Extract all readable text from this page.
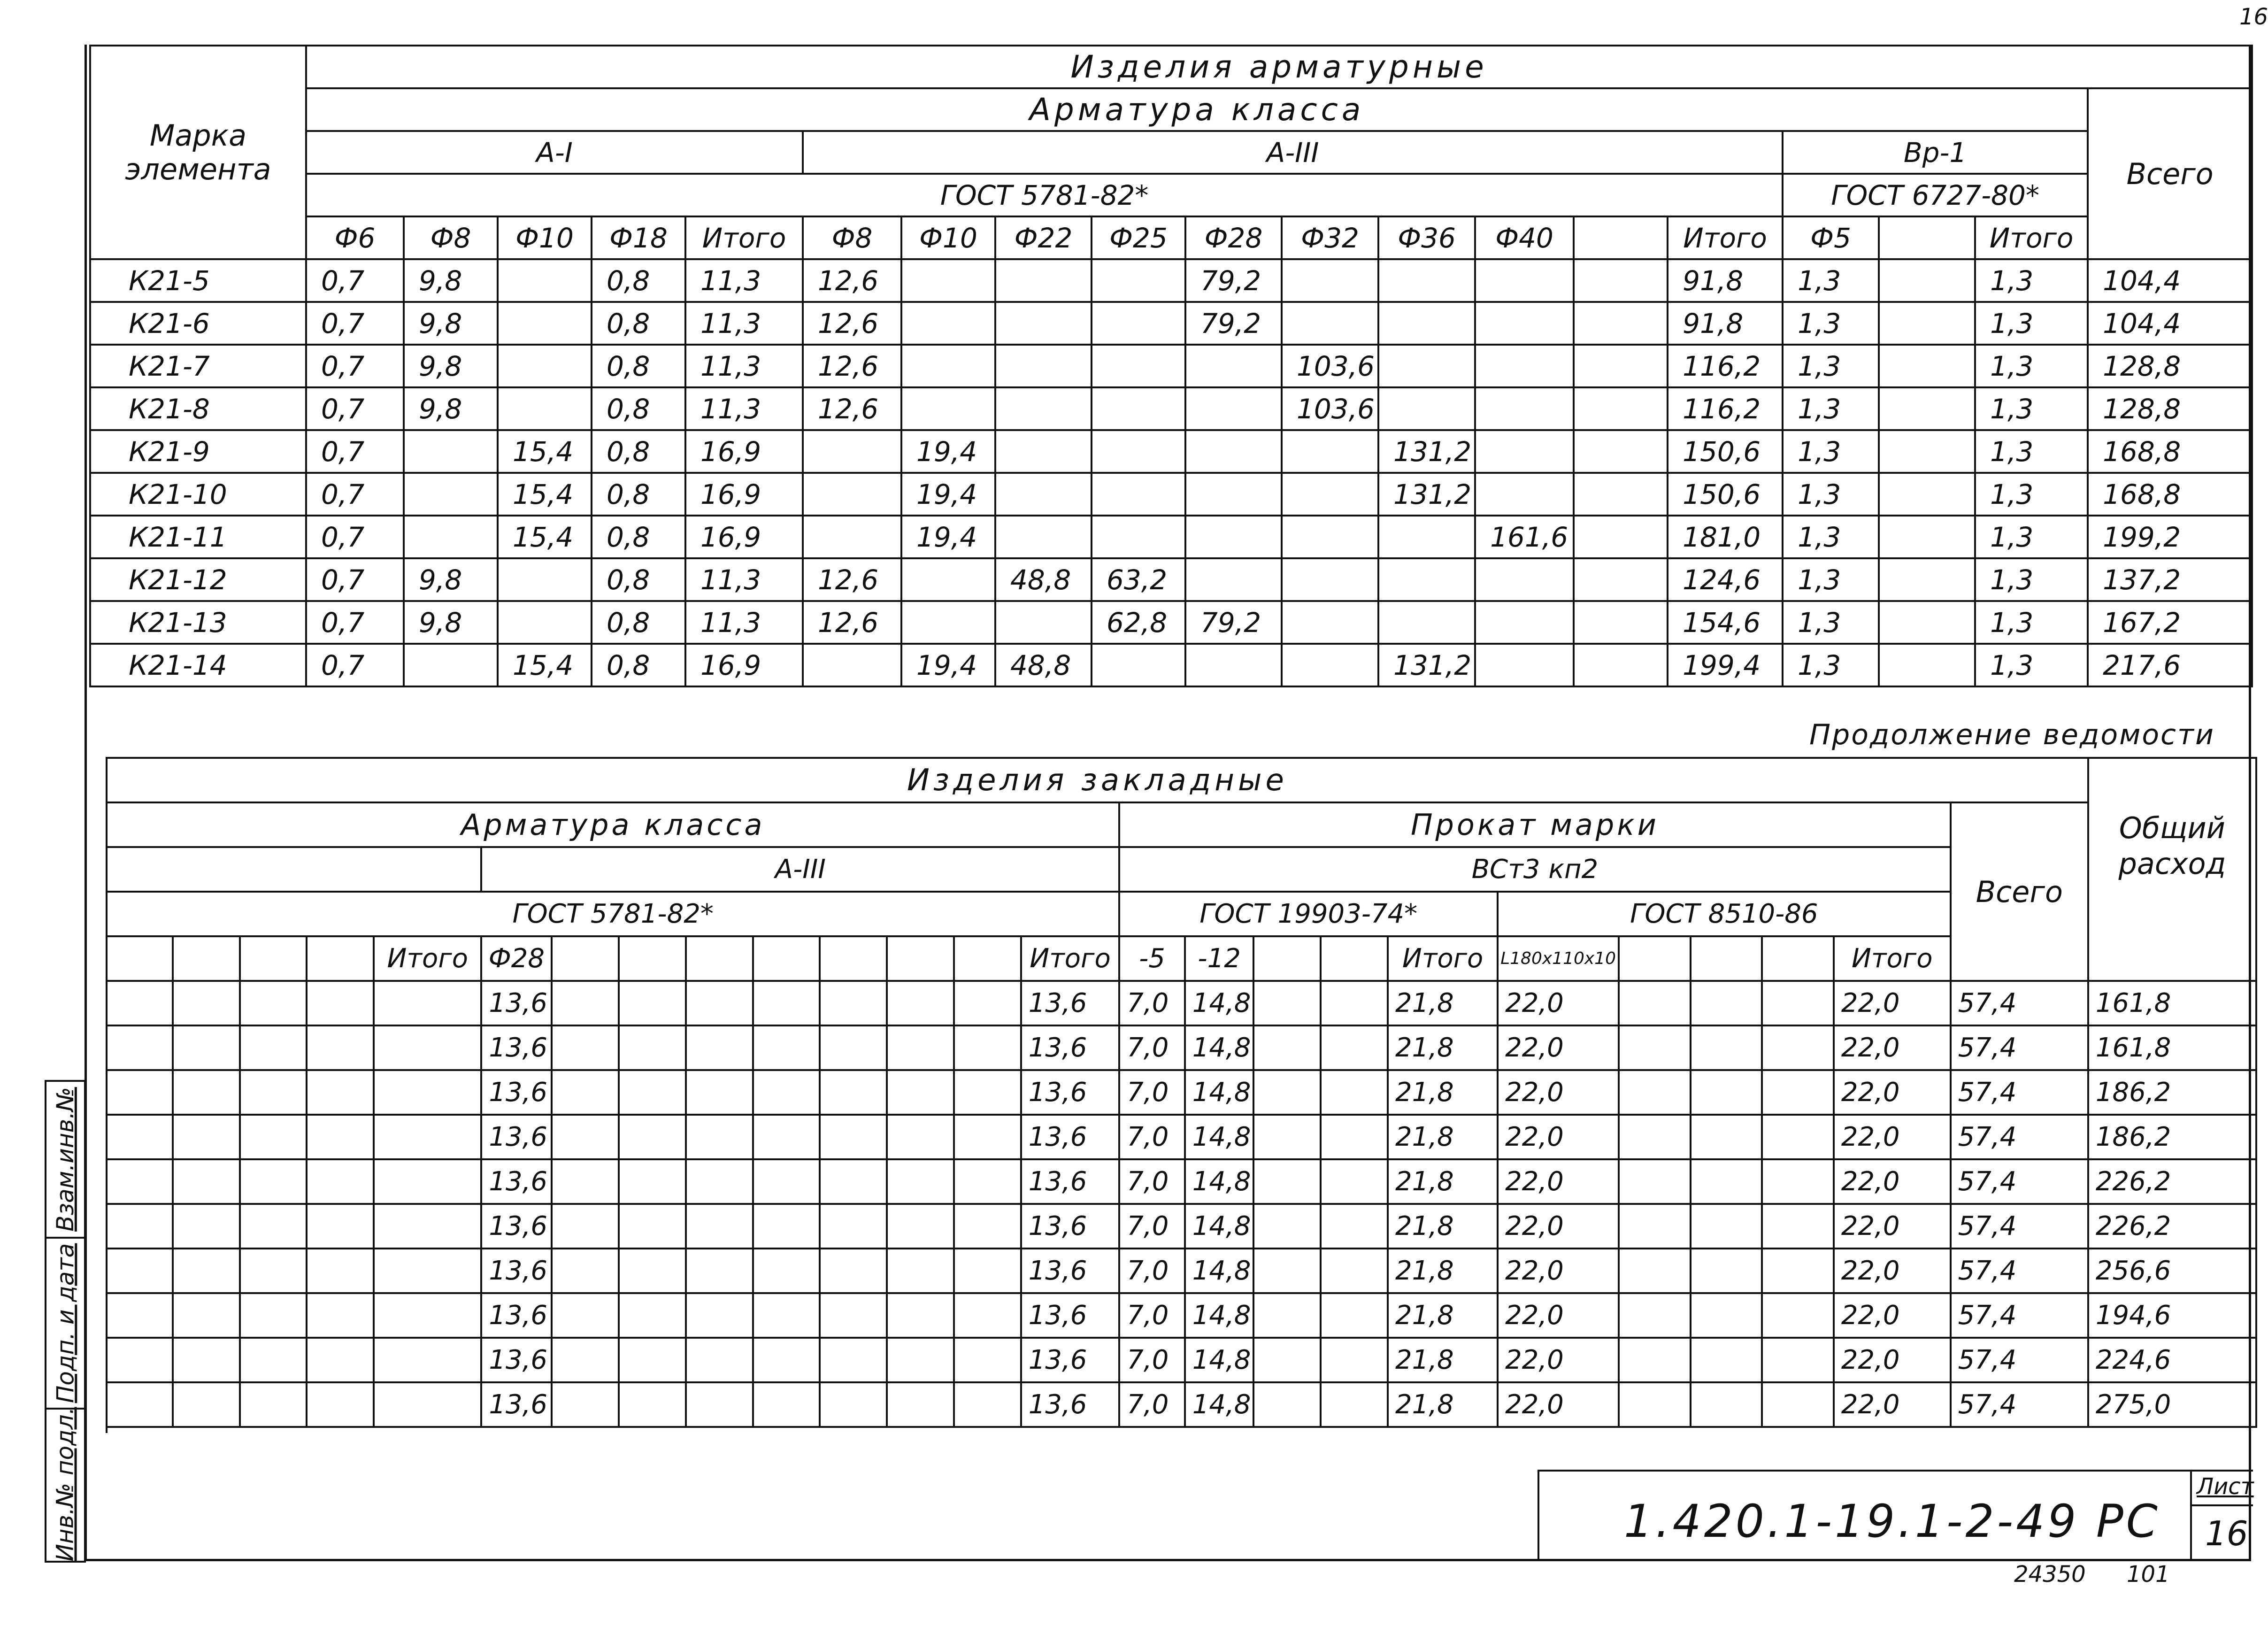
16
Марка элемента	Изделия арматурные																		
	Арматура класса																		Всего
	А-I					А-III										Вр-1			
	ГОСТ 5781-82*															ГОСТ 6727-80*			
	Ф6	Ф8	Ф10	Ф18	Итого	Ф8	Ф10	Ф22	Ф25	Ф28	Ф32	Ф36	Ф40		Итого	Ф5		Итого	
К21-5	0,7	9,8		0,8	11,3	12,6				79,2					91,8	1,3		1,3	104,4
К21-6	0,7	9,8		0,8	11,3	12,6				79,2					91,8	1,3		1,3	104,4
К21-7	0,7	9,8		0,8	11,3	12,6					103,6				116,2	1,3		1,3	128,8
К21-8	0,7	9,8		0,8	11,3	12,6					103,6				116,2	1,3		1,3	128,8
К21-9	0,7		15,4	0,8	16,9		19,4					131,2			150,6	1,3		1,3	168,8
К21-10	0,7		15,4	0,8	16,9		19,4					131,2			150,6	1,3		1,3	168,8
К21-11	0,7		15,4	0,8	16,9		19,4						161,6		181,0	1,3		1,3	199,2
К21-12	0,7	9,8		0,8	11,3	12,6		48,8	63,2						124,6	1,3		1,3	137,2
К21-13	0,7	9,8		0,8	11,3	12,6			62,8	79,2					154,6	1,3		1,3	167,2
К21-14	0,7		15,4	0,8	16,9		19,4	48,8				131,2			199,4	1,3		1,3	217,6
Продолжение ведомости
Изделия закладные																									Общий расход
Арматура класса														Прокат марки										Всего	
					А-III									ВСт3 кп2											
ГОСТ 5781-82*														ГОСТ 19903-74*					ГОСТ 8510-86						
				Итого	Ф28								Итого	-5	-12			Итого	L180x110x10				Итого		
					13,6								13,6	7,0	14,8			21,8	22,0				22,0	57,4	161,8
					13,6								13,6	7,0	14,8			21,8	22,0				22,0	57,4	161,8
					13,6								13,6	7,0	14,8			21,8	22,0				22,0	57,4	186,2
					13,6								13,6	7,0	14,8			21,8	22,0				22,0	57,4	186,2
					13,6								13,6	7,0	14,8			21,8	22,0				22,0	57,4	226,2
					13,6								13,6	7,0	14,8			21,8	22,0				22,0	57,4	226,2
					13,6								13,6	7,0	14,8			21,8	22,0				22,0	57,4	256,6
					13,6								13,6	7,0	14,8			21,8	22,0				22,0	57,4	194,6
					13,6								13,6	7,0	14,8			21,8	22,0				22,0	57,4	224,6
					13,6								13,6	7,0	14,8			21,8	22,0				22,0	57,4	275,0
Взам.инв.№
Подп. и дата
Инв.№ подл.	1.420.1-19.1-2-49 РС
Лист
16
24350 101
